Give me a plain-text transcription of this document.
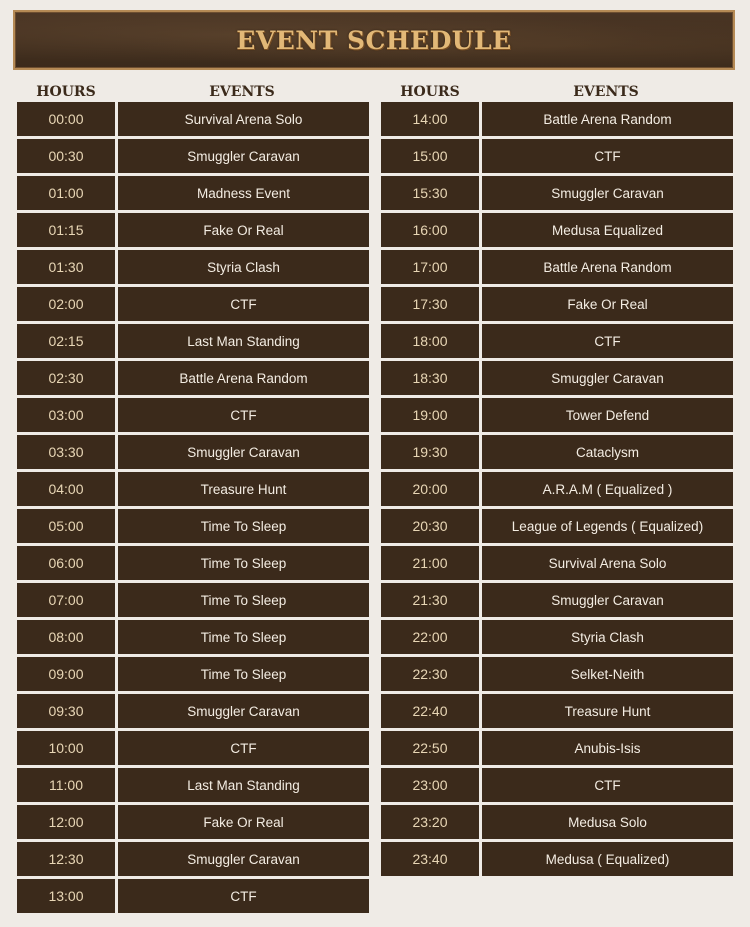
EVENT SCHEDULE
HOURS	EVENTS
00:00	Survival Arena Solo
00:30	Smuggler Caravan
01:00	Madness Event
01:15	Fake Or Real
01:30	Styria Clash
02:00	CTF
02:15	Last Man Standing
02:30	Battle Arena Random
03:00	CTF
03:30	Smuggler Caravan
04:00	Treasure Hunt
05:00	Time To Sleep
06:00	Time To Sleep
07:00	Time To Sleep
08:00	Time To Sleep
09:00	Time To Sleep
09:30	Smuggler Caravan
10:00	CTF
11:00	Last Man Standing
12:00	Fake Or Real
12:30	Smuggler Caravan
13:00	CTF
HOURS	EVENTS
14:00	Battle Arena Random
15:00	CTF
15:30	Smuggler Caravan
16:00	Medusa Equalized
17:00	Battle Arena Random
17:30	Fake Or Real
18:00	CTF
18:30	Smuggler Caravan
19:00	Tower Defend
19:30	Cataclysm
20:00	A.R.A.M ( Equalized )
20:30	League of Legends ( Equalized)
21:00	Survival Arena Solo
21:30	Smuggler Caravan
22:00	Styria Clash
22:30	Selket-Neith
22:40	Treasure Hunt
22:50	Anubis-Isis
23:00	CTF
23:20	Medusa Solo
23:40	Medusa ( Equalized)
